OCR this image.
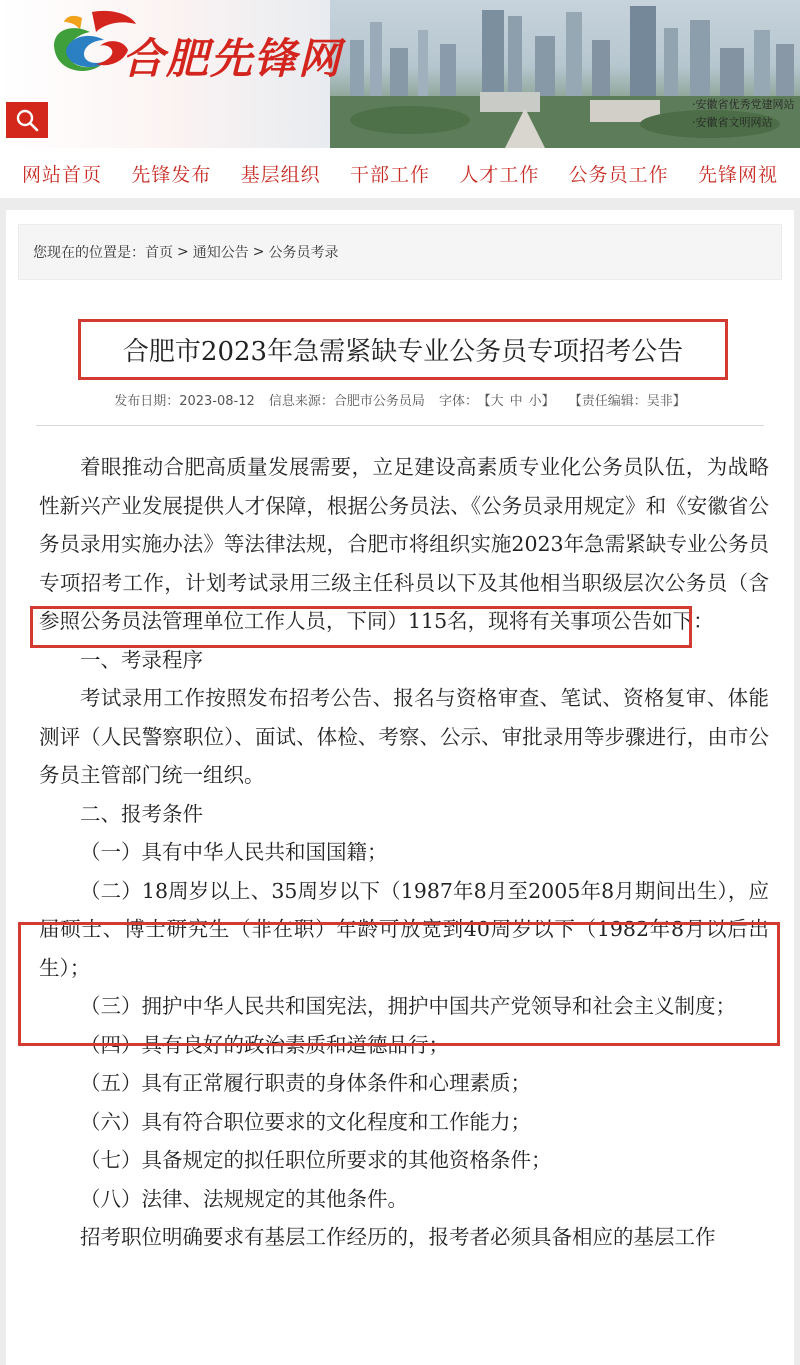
合肥先锋网
·安徽省优秀党建网站
·安徽省文明网站
网站首页 先锋发布 基层组织 干部工作 人才工作 公务员工作 先锋网视
您现在的位置是： 首页 > 通知公告 > 公务员考录
合肥市2023年急需紧缺专业公务员专项招考公告
发布日期：2023-08-12 信息来源：合肥市公务员局 字体： 【大 中 小】 【责任编辑：吴非】

着眼推动合肥高质量发展需要，立足建设高素质专业化公务员队伍，为战略性新兴产业发展提供人才保障，根据公务员法、《公务员录用规定》和《安徽省公务员录用实施办法》等法律法规，合肥市将组织实施2023年急需紧缺专业公务员专项招考工作，计划考试录用三级主任科员以下及其他相当职级层次公务员（含参照公务员法管理单位工作人员，下同）115名，现将有关事项公告如下：

一、考录程序

考试录用工作按照发布招考公告、报名与资格审查、笔试、资格复审、体能测评（人民警察职位）、面试、体检、考察、公示、审批录用等步骤进行，由市公务员主管部门统一组织。

二、报考条件

（一）具有中华人民共和国国籍；

（二）18周岁以上、35周岁以下（1987年8月至2005年8月期间出生），应届硕士、博士研究生（非在职）年龄可放宽到40周岁以下（1982年8月以后出生）；

（三）拥护中华人民共和国宪法，拥护中国共产党领导和社会主义制度；

（四）具有良好的政治素质和道德品行；

（五）具有正常履行职责的身体条件和心理素质；

（六）具有符合职位要求的文化程度和工作能力；

（七）具备规定的拟任职位所要求的其他资格条件；

（八）法律、法规规定的其他条件。

招考职位明确要求有基层工作经历的，报考者必须具备相应的基层工作
